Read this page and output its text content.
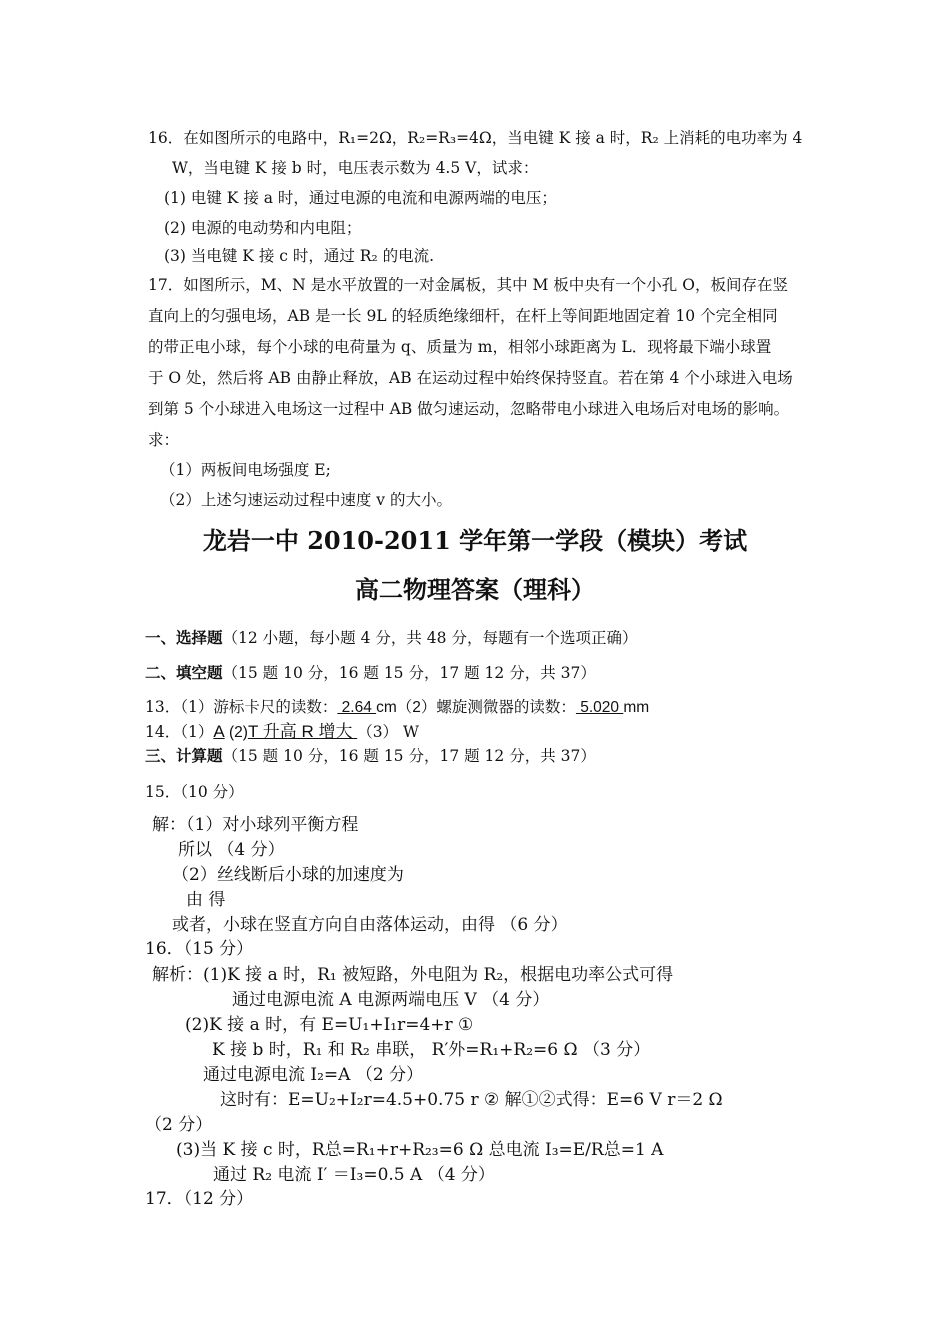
16．在如图所示的电路中，R₁=2Ω，R₂=R₃=4Ω，当电键 K 接 a 时，R₂ 上消耗的电功率为 4
W，当电键 K 接 b 时，电压表示数为 4.5 V，试求：
(1) 电键 K 接 a 时，通过电源的电流和电源两端的电压；
(2) 电源的电动势和内电阻；
(3) 当电键 K 接 c 时，通过 R₂ 的电流.
17．如图所示，M、N 是水平放置的一对金属板，其中 M 板中央有一个小孔 O，板间存在竖
直向上的匀强电场，AB 是一长 9L 的轻质绝缘细杆，在杆上等间距地固定着 10 个完全相同
的带正电小球，每个小球的电荷量为 q、质量为 m，相邻小球距离为 L．现将最下端小球置
于 O 处，然后将 AB 由静止释放，AB 在运动过程中始终保持竖直。若在第 4 个小球进入电场
到第 5 个小球进入电场这一过程中 AB 做匀速运动，忽略带电小球进入电场后对电场的影响。
求：
（1）两板间电场强度 E;
（2）上述匀速运动过程中速度 v 的大小。
龙岩一中 2010-2011 学年第一学段（模块）考试
高二物理答案（理科）
一、选择题（12 小题，每小题 4 分，共 48 分，每题有一个选项正确）
二、填空题（15 题 10 分，16 题 15 分，17 题 12 分，共 37）
13．（1）游标卡尺的读数： 2.64 cm（2）螺旋测微器的读数： 5.020 mm
14．（1）A (2)T 升高 R 增大 （3） W
三、计算题（15 题 10 分，16 题 15 分，17 题 12 分，共 37）
15．（10 分）
解：（1）对小球列平衡方程
所以 （4 分）
（2）丝线断后小球的加速度为
由 得
或者，小球在竖直方向自由落体运动，由得 （6 分）
16．（15 分）
解析：(1)K 接 a 时，R₁ 被短路，外电阻为 R₂，根据电功率公式可得
通过电源电流 A 电源两端电压 V （4 分）
(2)K 接 a 时，有 E=U₁+I₁r=4+r ①
K 接 b 时，R₁ 和 R₂ 串联， R′外=R₁+R₂=6 Ω （3 分）
通过电源电流 I₂=A （2 分）
这时有：E=U₂+I₂r=4.5+0.75 r ② 解①②式得：E=6 V r＝2 Ω
（2 分）
(3)当 K 接 c 时，R总=R₁+r+R₂₃=6 Ω 总电流 I₃=E/R总=1 A
通过 R₂ 电流 I′ ＝I₃=0.5 A （4 分）
17．（12 分）
